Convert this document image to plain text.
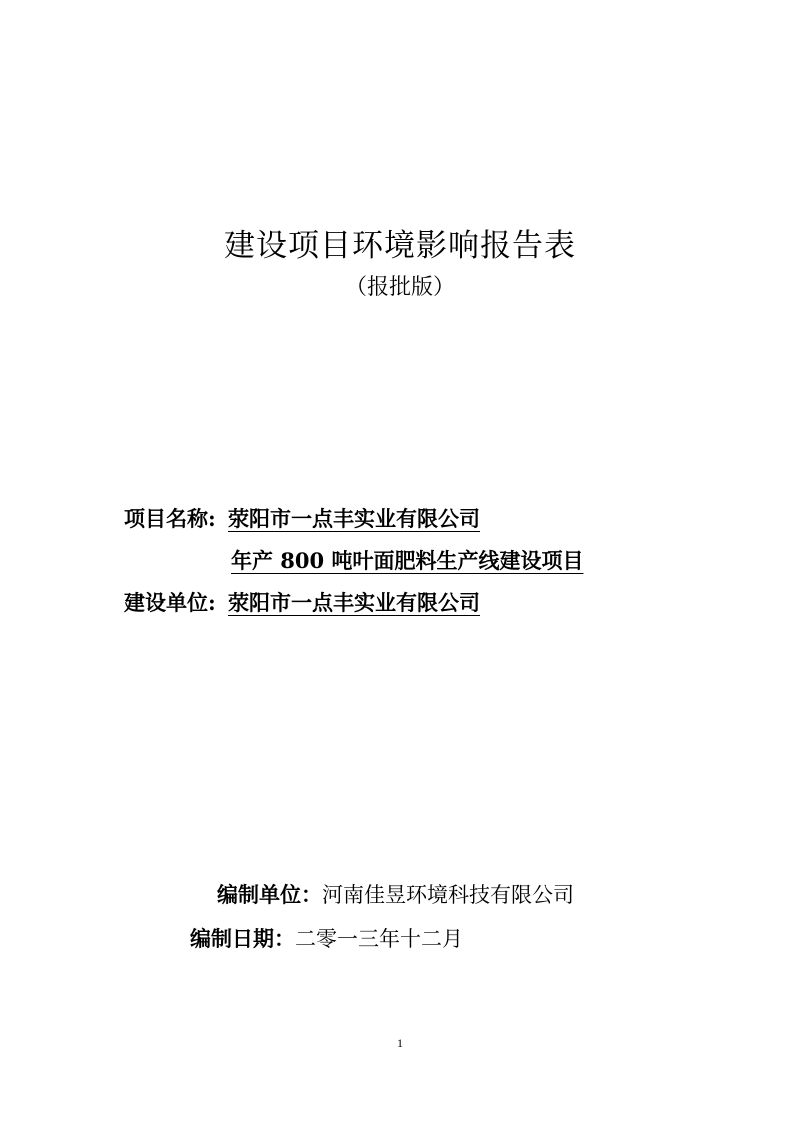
建设项目环境影响报告表
（报批版）
项目名称: 荥阳市一点丰实业有限公司
年产 800 吨叶面肥料生产线建设项目
建设单位: 荥阳市一点丰实业有限公司
编制单位：河南佳昱环境科技有限公司
编制日期：二零一三年十二月
1
